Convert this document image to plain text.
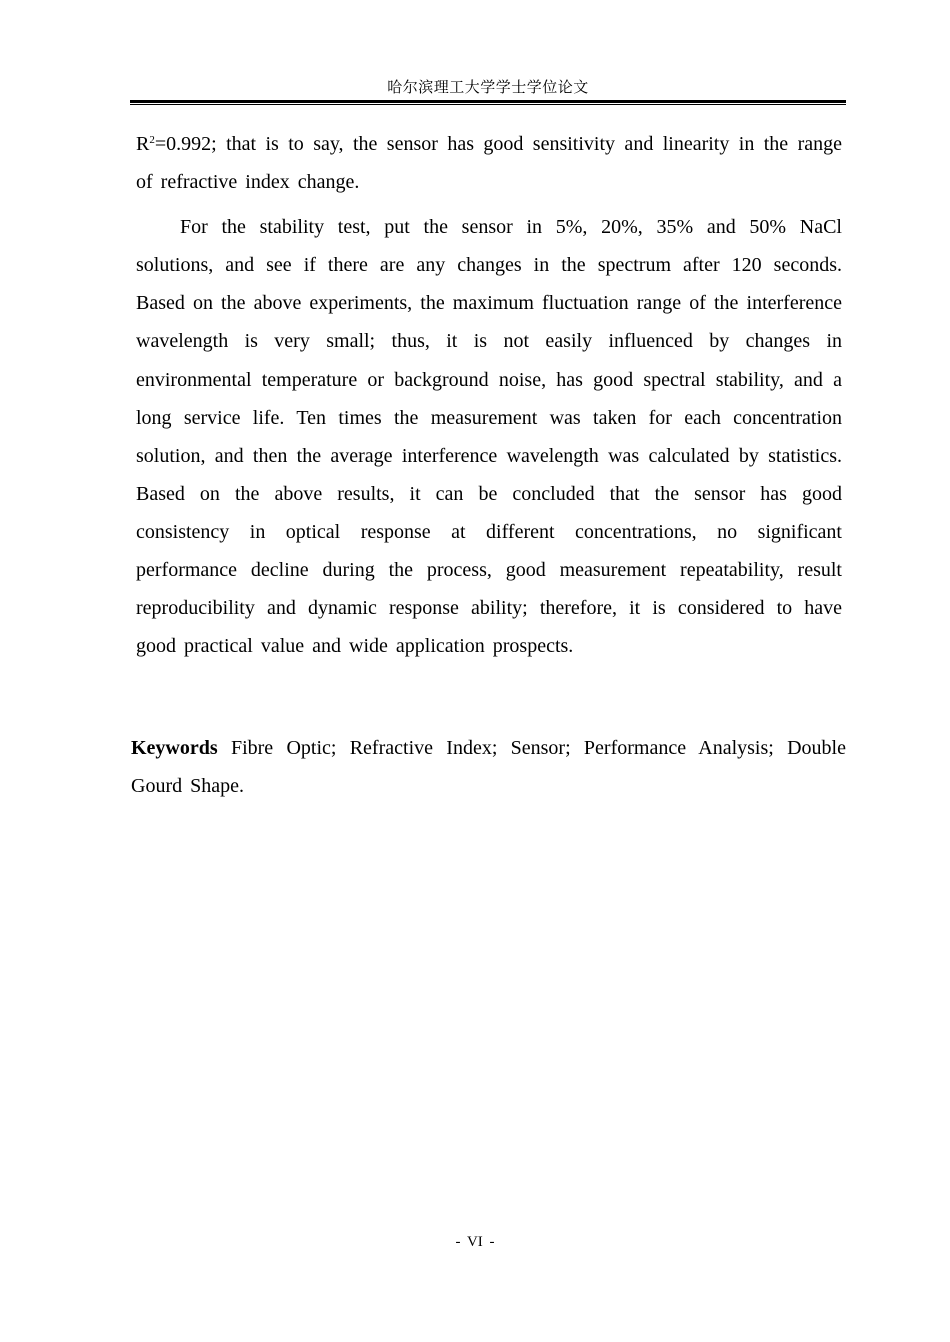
哈尔滨理工大学学士学位论文

$R^2=0.992$; that is to say, the sensor has good sensitivity and linearity in the range of refractive index change.

For the stability test, put the sensor in 5%, 20%, 35% and 50% NaCl solutions, and see if there are any changes in the spectrum after 120 seconds. Based on the above experiments, the maximum fluctuation range of the interference wavelength is very small; thus, it is not easily influenced by changes in environmental temperature or background noise, has good spectral stability, and a long service life. Ten times the measurement was taken for each concentration solution, and then the average interference wavelength was calculated by statistics. Based on the above results, it can be concluded that the sensor has good consistency in optical response at different concentrations, no significant performance decline during the process, good measurement repeatability, result reproducibility and dynamic response ability; therefore, it is considered to have good practical value and wide application prospects.

Keywords Fibre Optic; Refractive Index; Sensor; Performance Analysis; Double Gourd Shape.

- VI -
